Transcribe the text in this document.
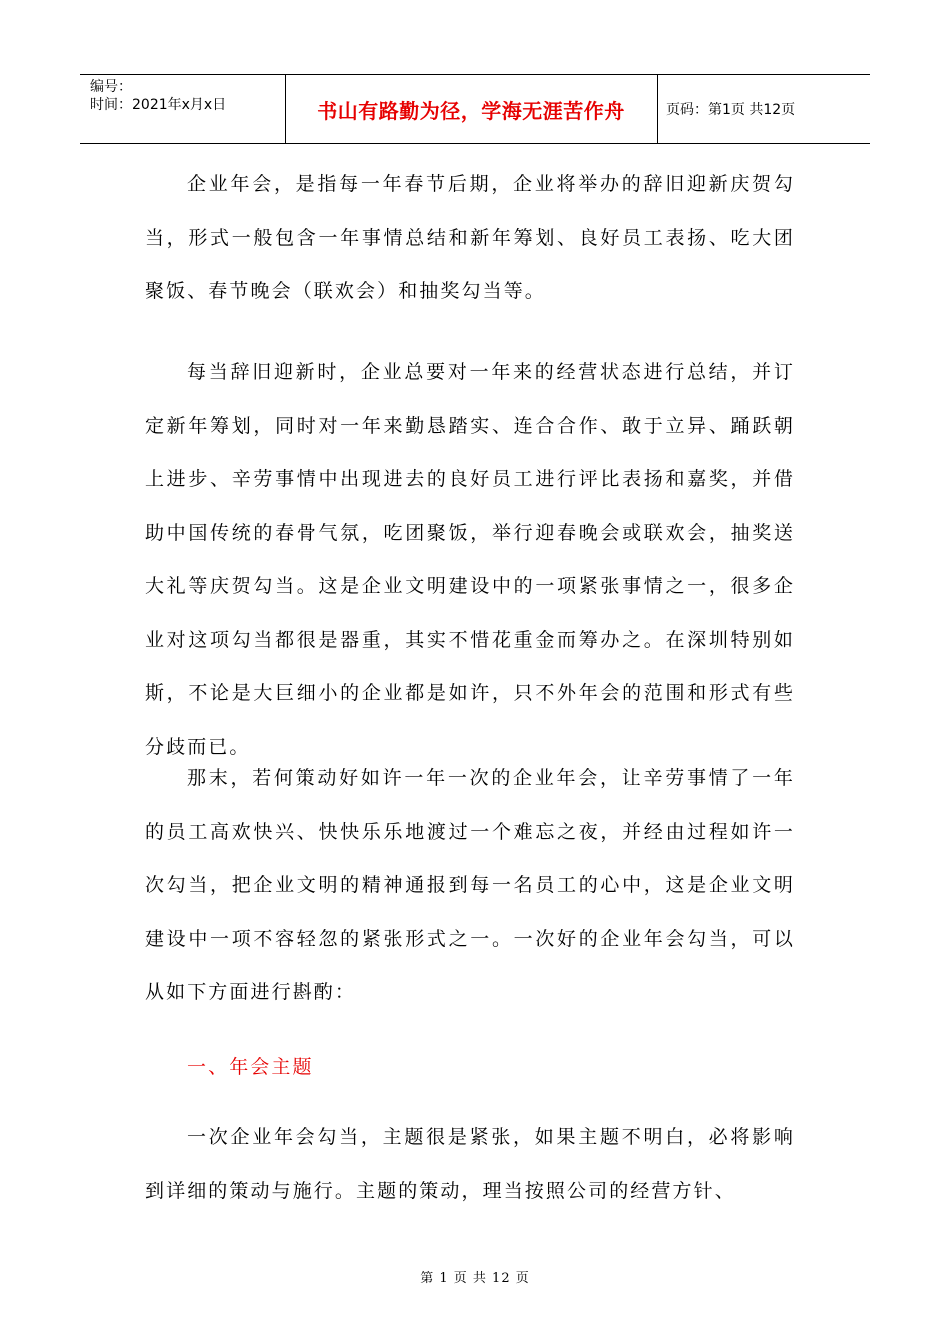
编号：
时间：2021年x月x日	书山有路勤为径，学海无涯苦作舟	页码：第1页 共12页

企业年会，是指每一年春节后期，企业将举办的辞旧迎新庆贺勾当，形式一般包含一年事情总结和新年筹划、良好员工表扬、吃大团聚饭、春节晚会（联欢会）和抽奖勾当等。

每当辞旧迎新时，企业总要对一年来的经营状态进行总结，并订定新年筹划，同时对一年来勤恳踏实、连合合作、敢于立异、踊跃朝上进步、辛劳事情中出现进去的良好员工进行评比表扬和嘉奖，并借助中国传统的春骨气氛，吃团聚饭，举行迎春晚会或联欢会，抽奖送大礼等庆贺勾当。这是企业文明建设中的一项紧张事情之一，很多企业对这项勾当都很是器重，其实不惜花重金而筹办之。在深圳特别如斯，不论是大巨细小的企业都是如许，只不外年会的范围和形式有些分歧而已。

那末，若何策动好如许一年一次的企业年会，让辛劳事情了一年的员工高欢快兴、快快乐乐地渡过一个难忘之夜，并经由过程如许一次勾当，把企业文明的精神通报到每一名员工的心中，这是企业文明建设中一项不容轻忽的紧张形式之一。一次好的企业年会勾当，可以从如下方面进行斟酌：

一、年会主题

一次企业年会勾当，主题很是紧张，如果主题不明白，必将影响到详细的策动与施行。主题的策动，理当按照公司的经营方针、

第 1 页 共 12 页
